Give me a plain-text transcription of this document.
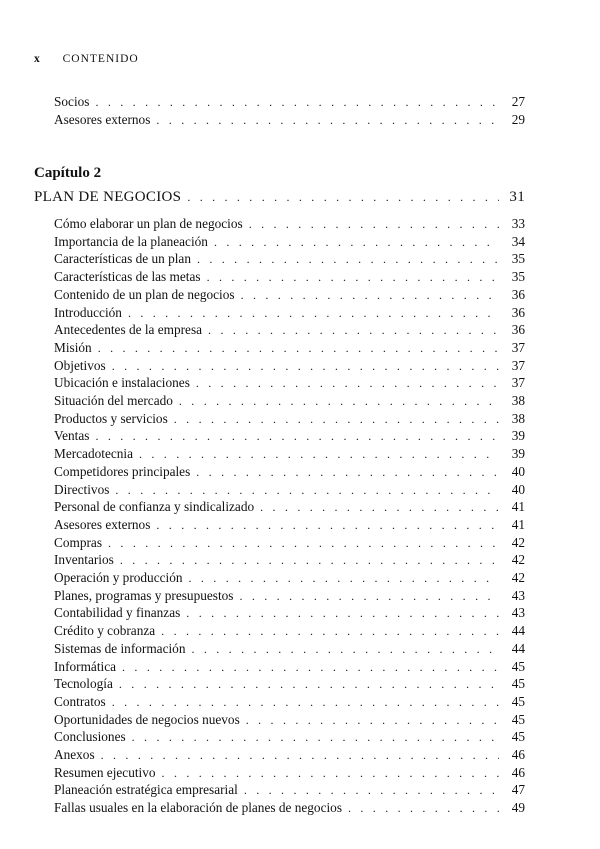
x CONTENIDO
Socios . . .	27
Asesores externos . . .	29
Capítulo 2
PLAN DE NEGOCIOS . . .	31
Cómo elaborar un plan de negocios . . .	33
Importancia de la planeación . . .	34
Características de un plan . . .	35
Características de las metas . . .	35
Contenido de un plan de negocios . . .	36
Introducción . . .	36
Antecedentes de la empresa . . .	36
Misión . . .	37
Objetivos . . .	37
Ubicación e instalaciones . . .	37
Situación del mercado . . .	38
Productos y servicios . . .	38
Ventas . . .	39
Mercadotecnia . . .	39
Competidores principales . . .	40
Directivos . . .	40
Personal de confianza y sindicalizado . . .	41
Asesores externos . . .	41
Compras . . .	42
Inventarios . . .	42
Operación y producción . . .	42
Planes, programas y presupuestos . . .	43
Contabilidad y finanzas . . .	43
Crédito y cobranza . . .	44
Sistemas de información . . .	44
Informática . . .	45
Tecnología . . .	45
Contratos . . .	45
Oportunidades de negocios nuevos . . .	45
Conclusiones . . .	45
Anexos . . .	46
Resumen ejecutivo . . .	46
Planeación estratégica empresarial . . .	47
Fallas usuales en la elaboración de planes de negocios . . .	49
